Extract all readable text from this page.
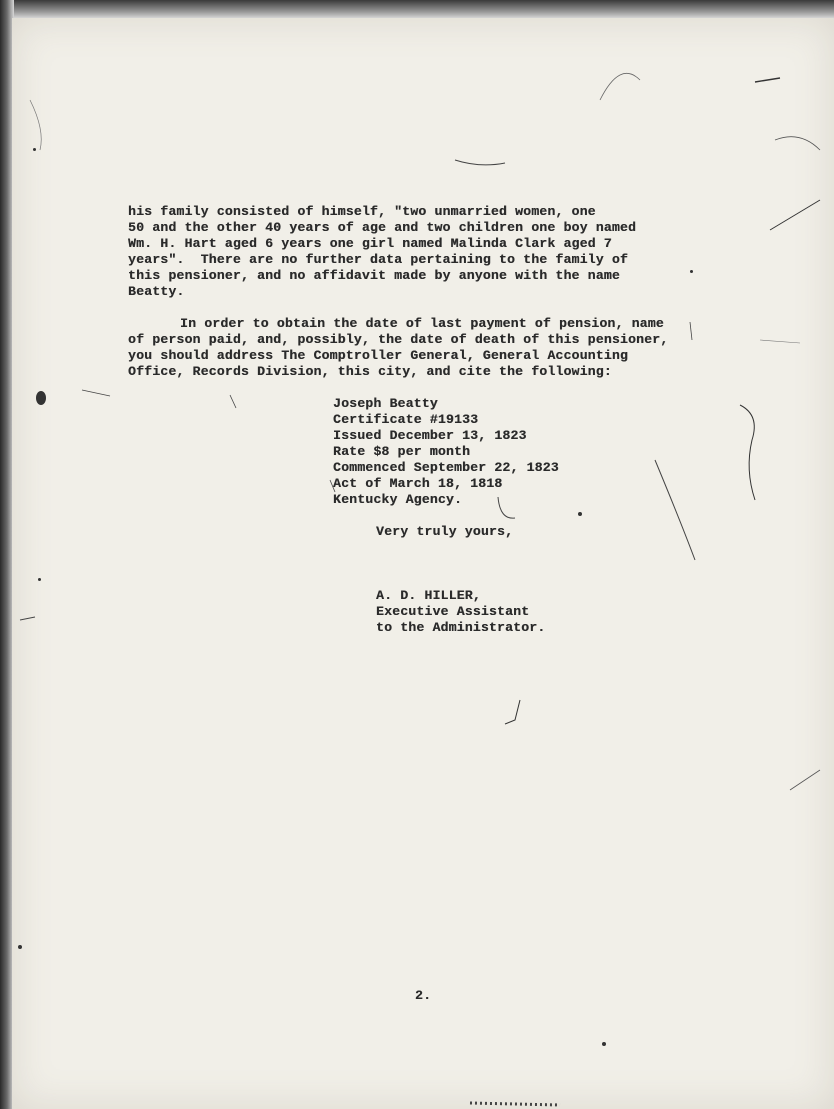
his family consisted of himself, "two unmarried women, one
50 and the other 40 years of age and two children one boy named
Wm. H. Hart aged 6 years one girl named Malinda Clark aged 7
years".  There are no further data pertaining to the family of
this pensioner, and no affidavit made by anyone with the name
Beatty.
In order to obtain the date of last payment of pension, name
of person paid, and, possibly, the date of death of this pensioner,
you should address The Comptroller General, General Accounting
Office, Records Division, this city, and cite the following:
Joseph Beatty
Certificate #19133
Issued December 13, 1823
Rate $8 per month
Commenced September 22, 1823
Act of March 18, 1818
Kentucky Agency.
Very truly yours,
A. D. HILLER,
Executive Assistant
to the Administrator.
2.
